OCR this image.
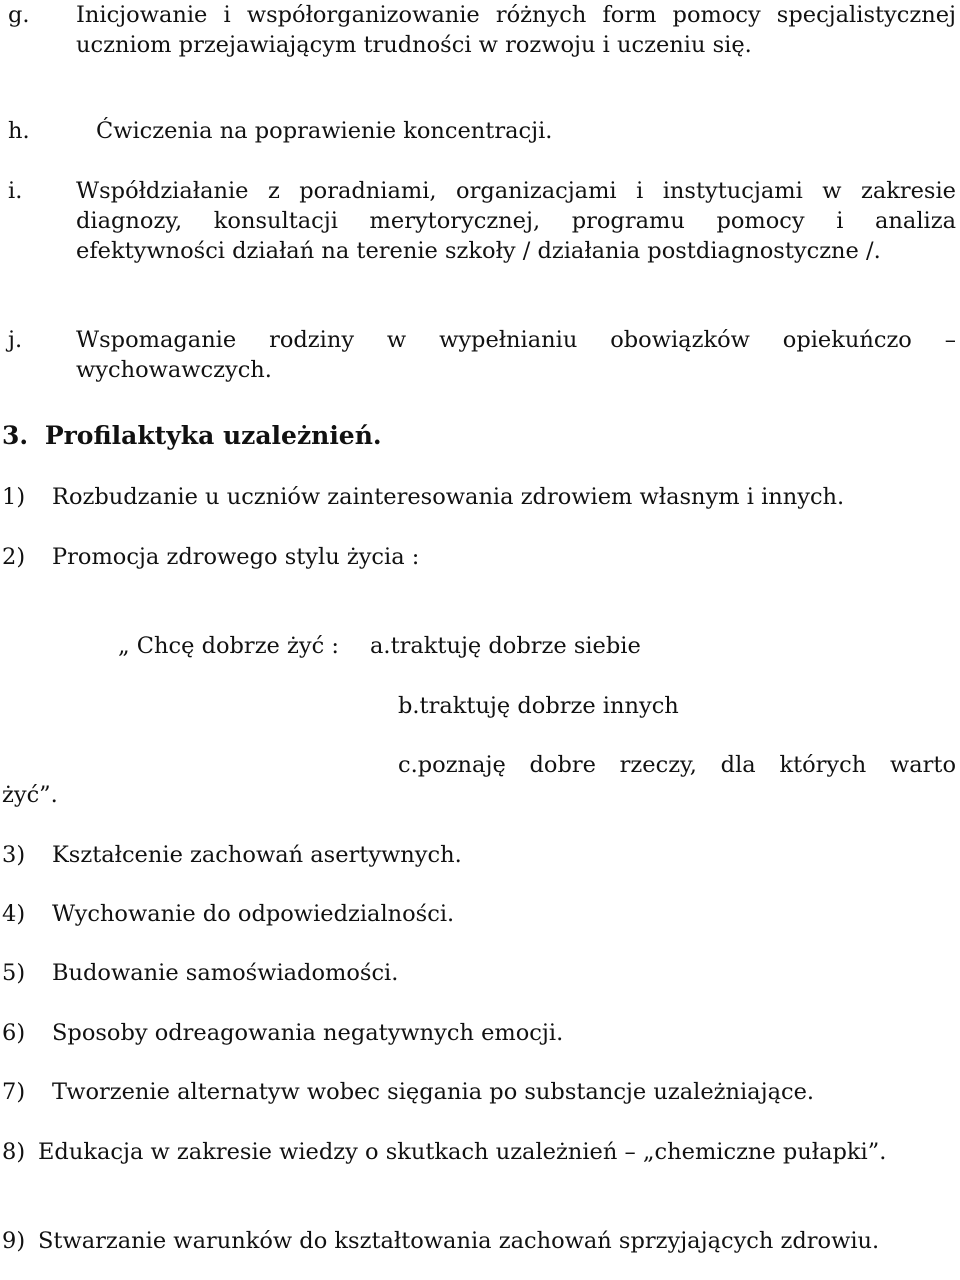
g. Inicjowanie i współorganizowanie różnych form pomocy specjalistycznej uczniom przejawiającym trudności w rozwoju i uczeniu się.
h.	Ćwiczenia na poprawienie koncentracji.
i. Współdziałanie z poradniami, organizacjami i instytucjami w zakresie diagnozy, konsultacji merytorycznej, programu pomocy i analiza efektywności działań na terenie szkoły / działania postdiagnostyczne /.
j. Wspomaganie rodziny w wypełnianiu obowiązków opiekuńczo – wychowawczych.
3. Profilaktyka uzależnień.
1) Rozbudzanie u uczniów zainteresowania zdrowiem własnym i innych.
2) Promocja zdrowego stylu życia :
„ Chcę dobrze żyć : a.traktuję dobrze siebie
b.traktuję dobrze innych
c.poznaję dobre rzeczy, dla których warto
żyć”.
3) Kształcenie zachowań asertywnych.
4) Wychowanie do odpowiedzialności.
5) Budowanie samoświadomości.
6) Sposoby odreagowania negatywnych emocji.
7) Tworzenie alternatyw wobec sięgania po substancje uzależniające.
8) Edukacja w zakresie wiedzy o skutkach uzależnień – „chemiczne pułapki”.
9) Stwarzanie warunków do kształtowania zachowań sprzyjających zdrowiu.
